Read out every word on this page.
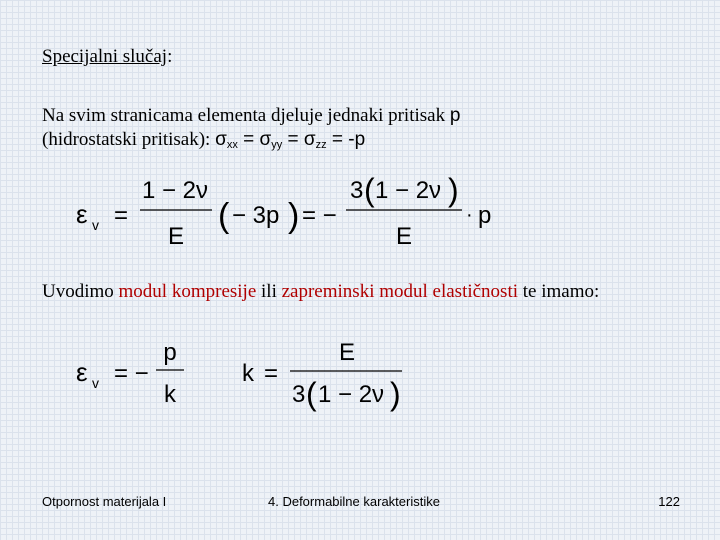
Specijalni slučaj:
Na svim stranicama elementa djeluje jednaki pritisak p
(hidrostatski pritisak): $\sigma_{xx} = \sigma_{yy} = \sigma_{zz} = -p$
ε v =
1 − 2ν
E
( − 3p ) = −
3 ( 1 − 2ν )
E
· p
Uvodimo modul kompresije ili zapreminski modul elastičnosti te imamo:
ε v = −
p
k
k =
E
3 ( 1 − 2ν )
Otpornost materijala I	4. Deformabilne karakteristike	122
